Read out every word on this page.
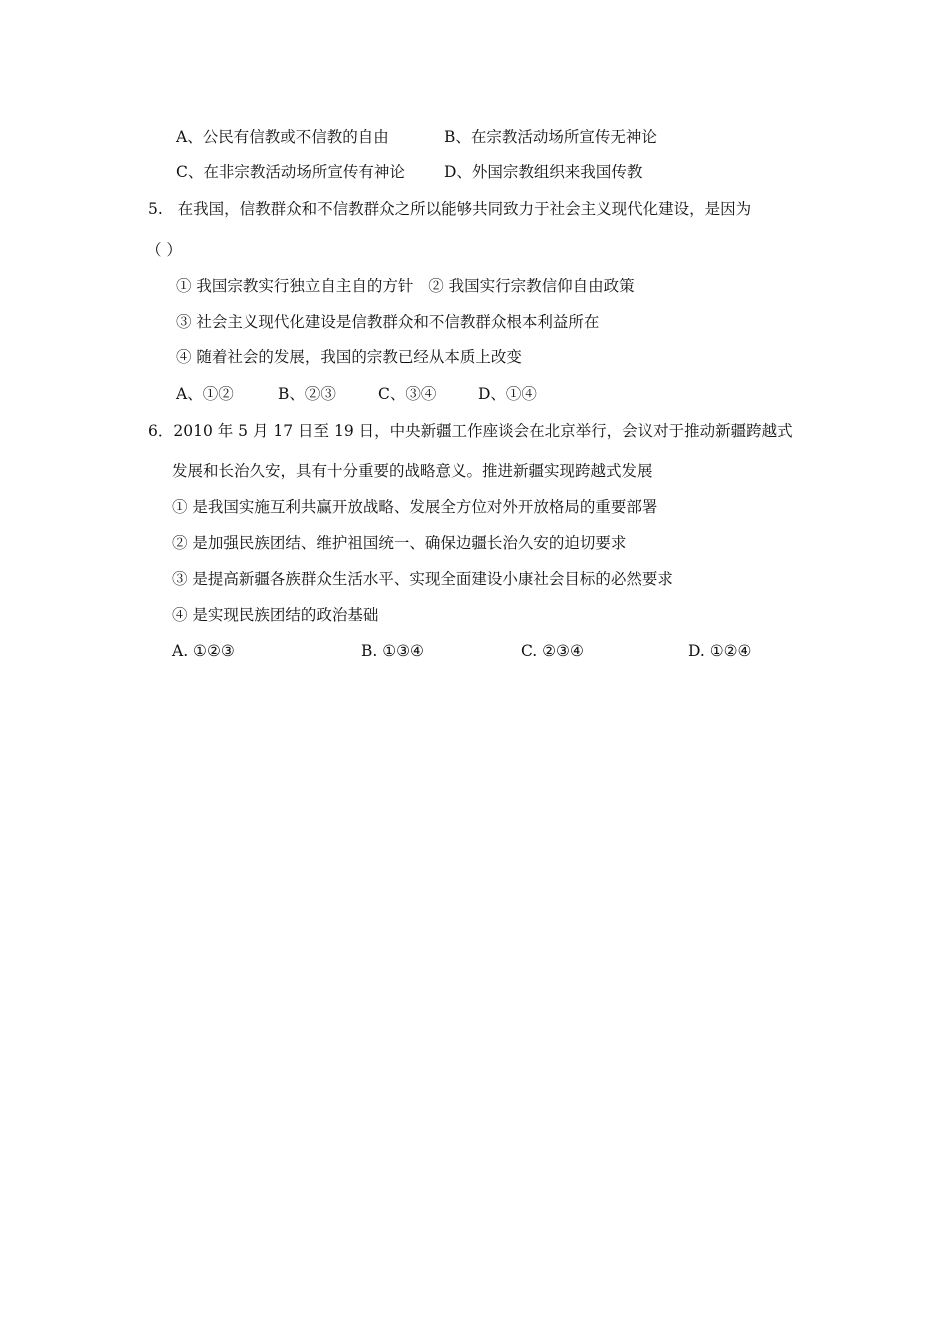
A、公民有信教或不信教的自由	B、在宗教活动场所宣传无神论
C、在非宗教活动场所宣传有神论	D、外国宗教组织来我国传教
5.   在我国，信教群众和不信教群众之所以能够共同致力于社会主义现代化建设，是因为
（ ）
① 我国宗教实行独立自主自的方针   ② 我国实行宗教信仰自由政策
③ 社会主义现代化建设是信教群众和不信教群众根本利益所在
④ 随着社会的发展，我国的宗教已经从本质上改变
A、①②	B、②③	C、③④	D、①④
6．2010 年 5 月 17 日至 19 日，中央新疆工作座谈会在北京举行，会议对于推动新疆跨越式
发展和长治久安，具有十分重要的战略意义。推进新疆实现跨越式发展
① 是我国实施互利共赢开放战略、发展全方位对外开放格局的重要部署
② 是加强民族团结、维护祖国统一、确保边疆长治久安的迫切要求
③ 是提高新疆各族群众生活水平、实现全面建设小康社会目标的必然要求
④ 是实现民族团结的政治基础
A. ①②③	B. ①③④	C. ②③④	D. ①②④
